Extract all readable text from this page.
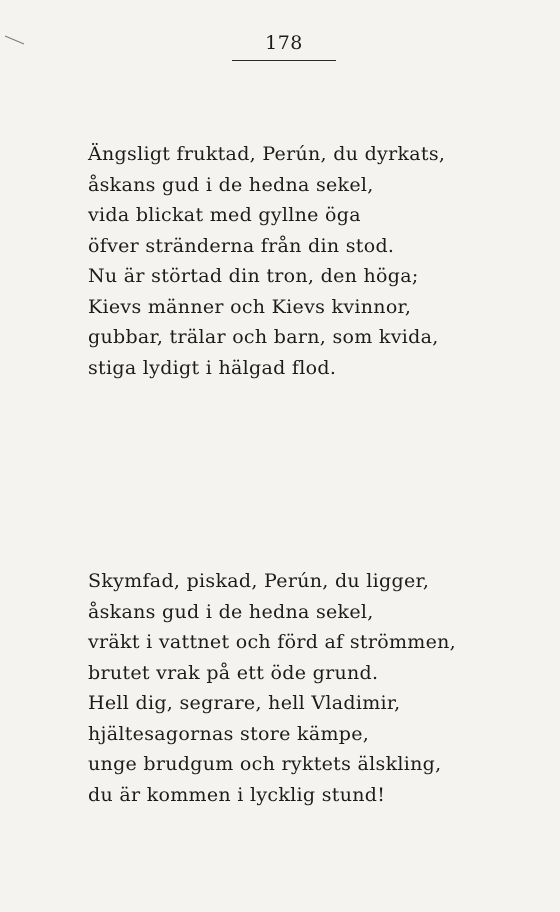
178
Ängsligt fruktad, Perún, du dyrkats,
åskans gud i de hedna sekel,
vida blickat med gyllne öga
öfver stränderna från din stod.
Nu är störtad din tron, den höga;
Kievs männer och Kievs kvinnor,
gubbar, trälar och barn, som kvida,
stiga lydigt i hälgad flod.
Skymfad, piskad, Perún, du ligger,
åskans gud i de hedna sekel,
vräkt i vattnet och förd af strömmen,
brutet vrak på ett öde grund.
Hell dig, segrare, hell Vladimir,
hjältesagornas store kämpe,
unge brudgum och ryktets älskling,
du är kommen i lycklig stund!
